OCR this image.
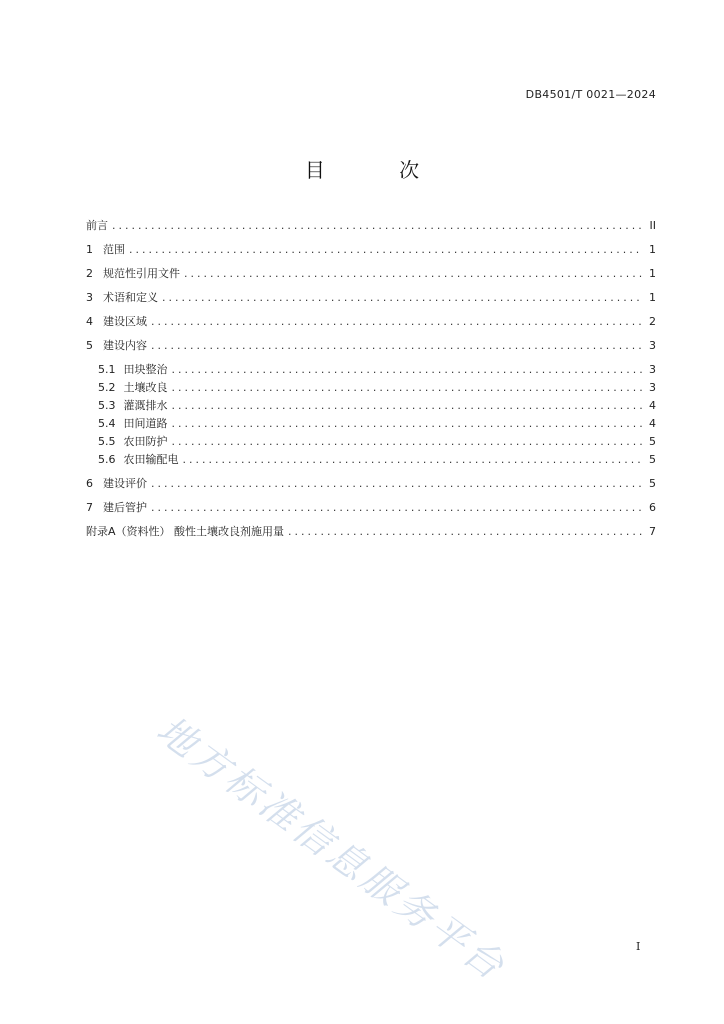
DB4501/T 0021—2024
目 次
前言 .....	II
1 范围 .....	1
2 规范性引用文件 .....	1
3 术语和定义 .....	1
4 建设区域 .....	2
5 建设内容 .....	3
5.1 田块整治 .....	3
5.2 土壤改良 .....	3
5.3 灌溉排水 .....	4
5.4 田间道路 .....	4
5.5 农田防护 .....	5
5.6 农田输配电 .....	5
6 建设评价 .....	5
7 建后管护 .....	6
附录A（资料性） 酸性土壤改良剂施用量 .....	7
地方标准信息服务平台	I
